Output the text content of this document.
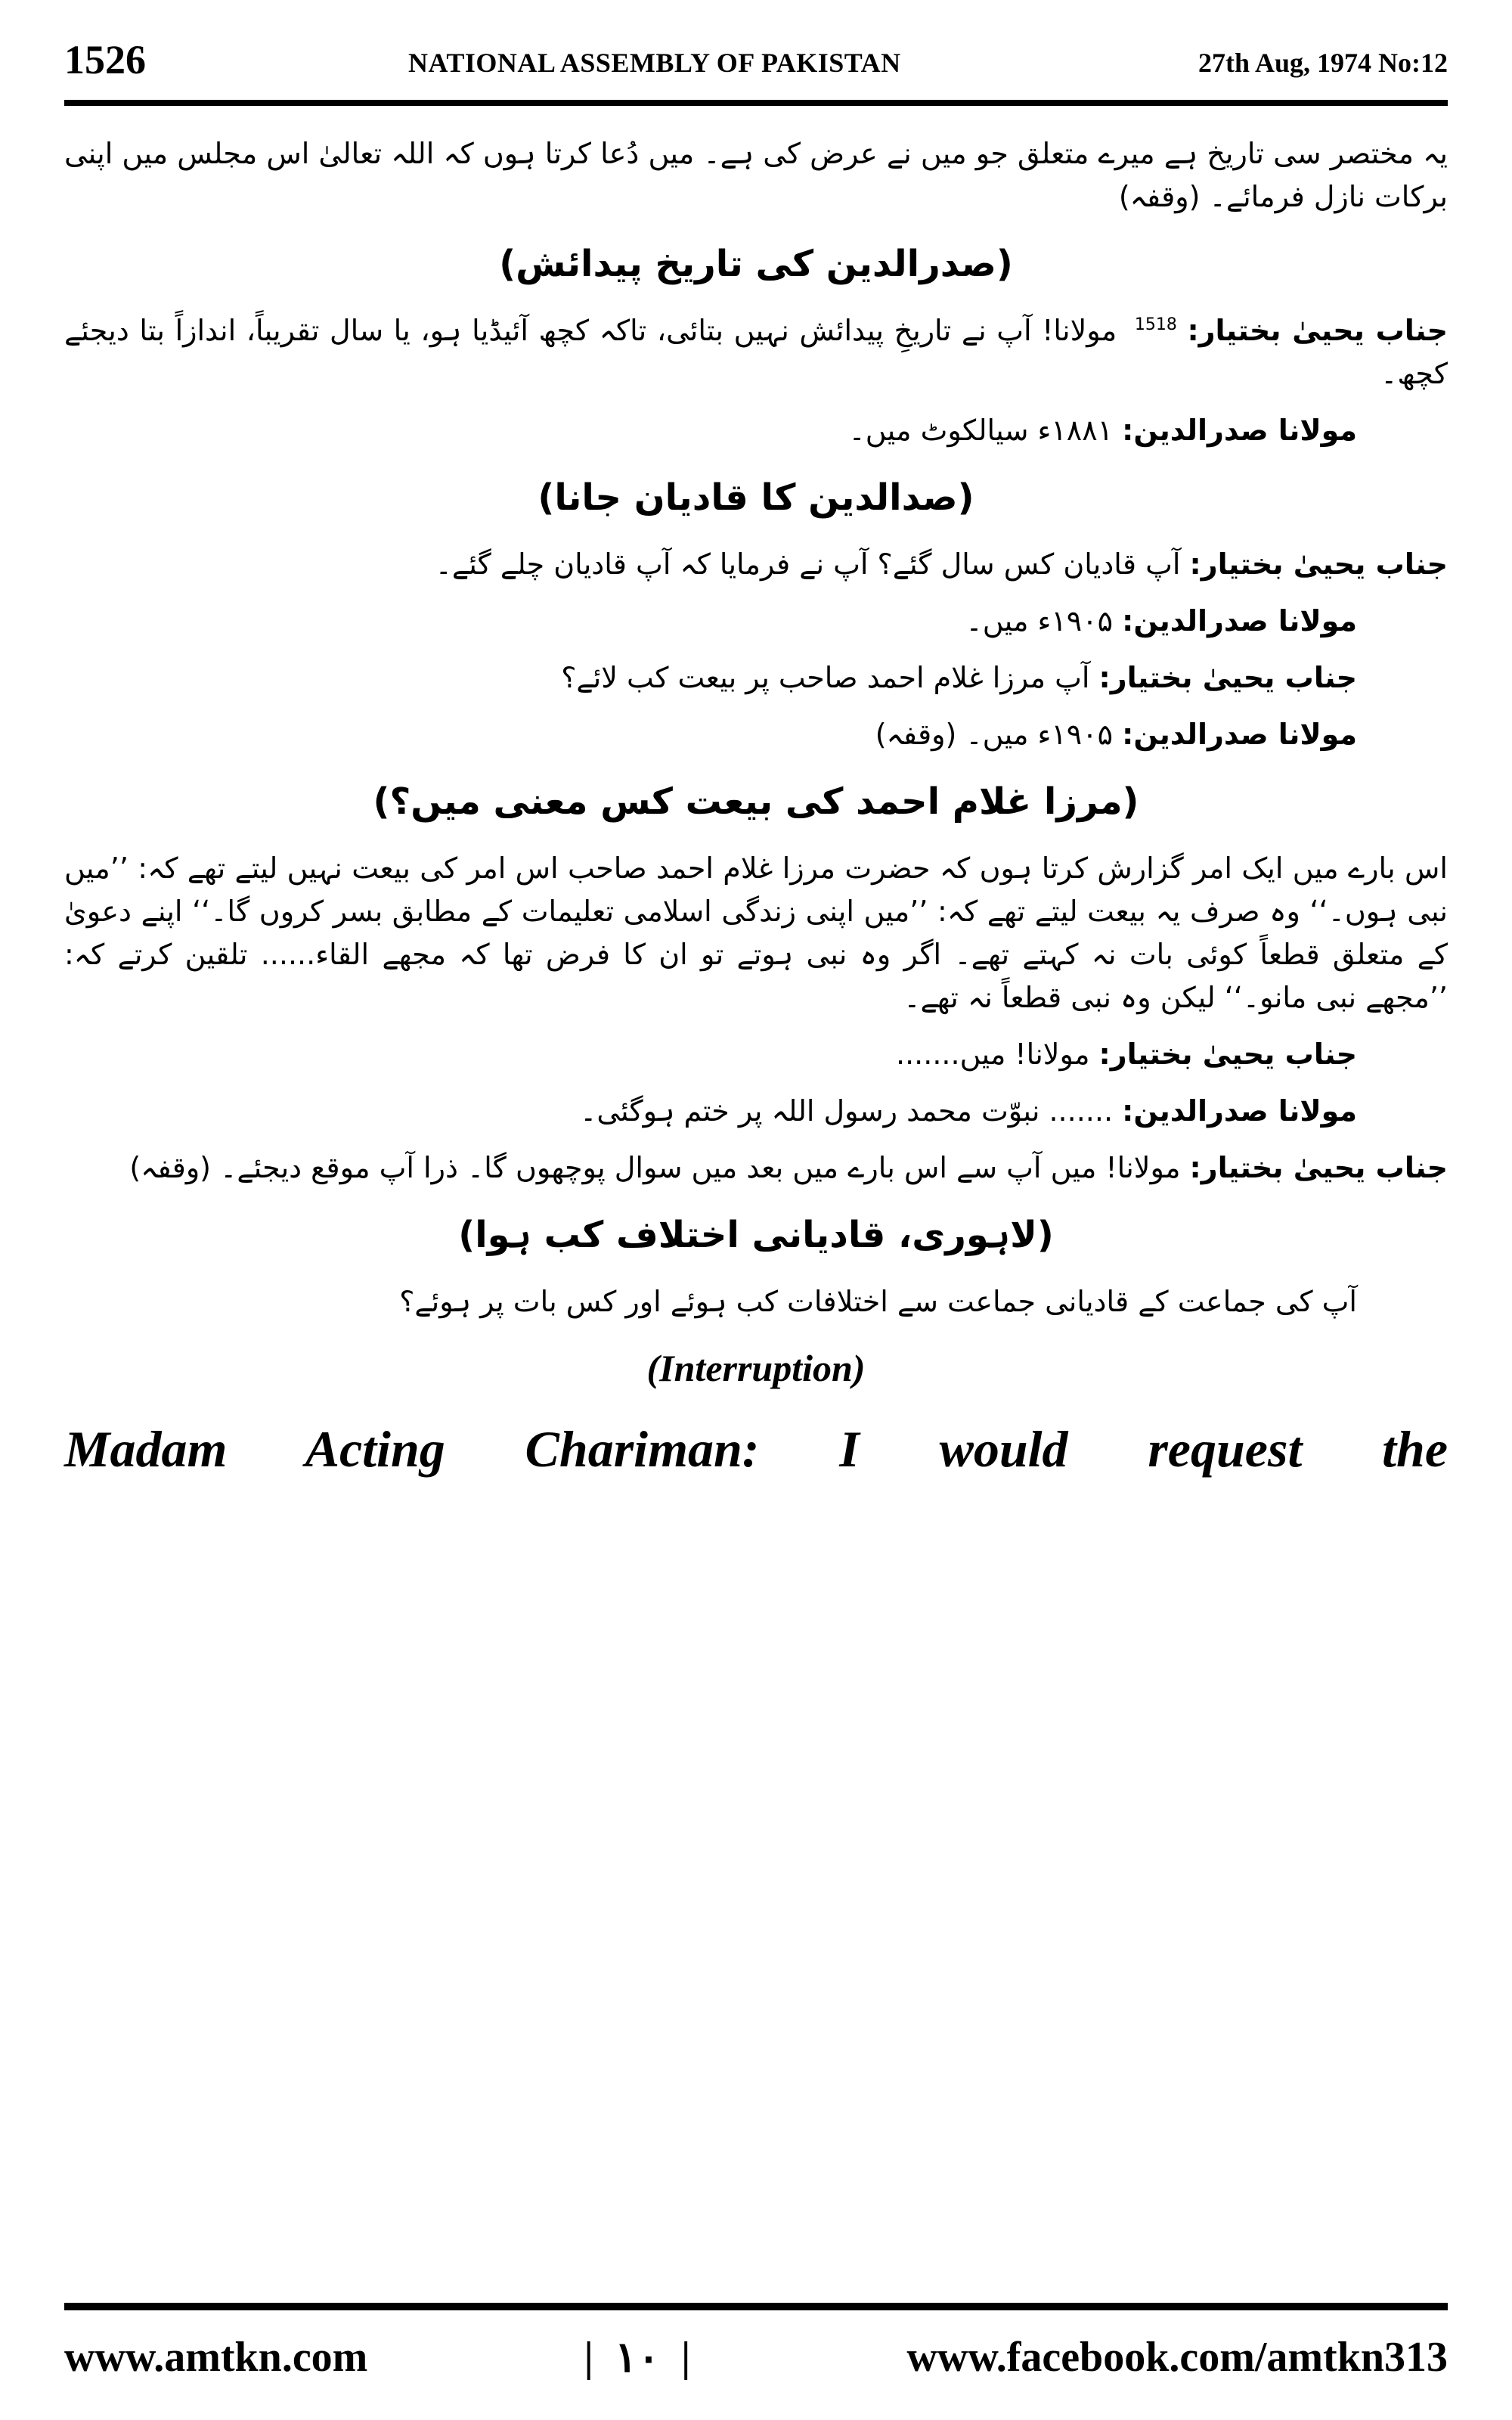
1526	NATIONAL ASSEMBLY OF PAKISTAN	27th Aug, 1974 No:12

یہ مختصر سی تاریخ ہے میرے متعلق جو میں نے عرض کی ہے۔ میں دُعا کرتا ہوں کہ اللہ تعالیٰ اس مجلس میں اپنی برکات نازل فرمائے۔ (وقفہ)

(صدرالدین کی تاریخ پیدائش)

جناب یحییٰ بختیار: $^{1518}$ مولانا! آپ نے تاریخِ پیدائش نہیں بتائی، تاکہ کچھ آئیڈیا ہو، یا سال تقریباً، اندازاً بتا دیجئے کچھ۔

مولانا صدرالدین: ۱۸۸۱ء سیالکوٹ میں۔

(صدالدین کا قادیان جانا)

جناب یحییٰ بختیار: آپ قادیان کس سال گئے؟ آپ نے فرمایا کہ آپ قادیان چلے گئے۔

مولانا صدرالدین: ۱۹۰۵ء میں۔

جناب یحییٰ بختیار: آپ مرزا غلام احمد صاحب پر بیعت کب لائے؟

مولانا صدرالدین: ۱۹۰۵ء میں۔ (وقفہ)

(مرزا غلام احمد کی بیعت کس معنی میں؟)

اس بارے میں ایک امر گزارش کرتا ہوں کہ حضرت مرزا غلام احمد صاحب اس امر کی بیعت نہیں لیتے تھے کہ: ’’میں نبی ہوں۔‘‘ وہ صرف یہ بیعت لیتے تھے کہ: ’’میں اپنی زندگی اسلامی تعلیمات کے مطابق بسر کروں گا۔‘‘ اپنے دعویٰ کے متعلق قطعاً کوئی بات نہ کہتے تھے۔ اگر وہ نبی ہوتے تو ان کا فرض تھا کہ مجھے القاء...... تلقین کرتے کہ: ’’مجھے نبی مانو۔‘‘ لیکن وہ نبی قطعاً نہ تھے۔

جناب یحییٰ بختیار: مولانا! میں.......

مولانا صدرالدین: ....... نبوّت محمد رسول اللہ پر ختم ہوگئی۔

جناب یحییٰ بختیار: مولانا! میں آپ سے اس بارے میں بعد میں سوال پوچھوں گا۔ ذرا آپ موقع دیجئے۔ (وقفہ)

(لاہوری، قادیانی اختلاف کب ہوا)

آپ کی جماعت کے قادیانی جماعت سے اختلافات کب ہوئے اور کس بات پر ہوئے؟

(Interruption)

Madam Acting Chariman: I would request the

www.amtkn.com	| ۱۰ |	www.facebook.com/amtkn313
